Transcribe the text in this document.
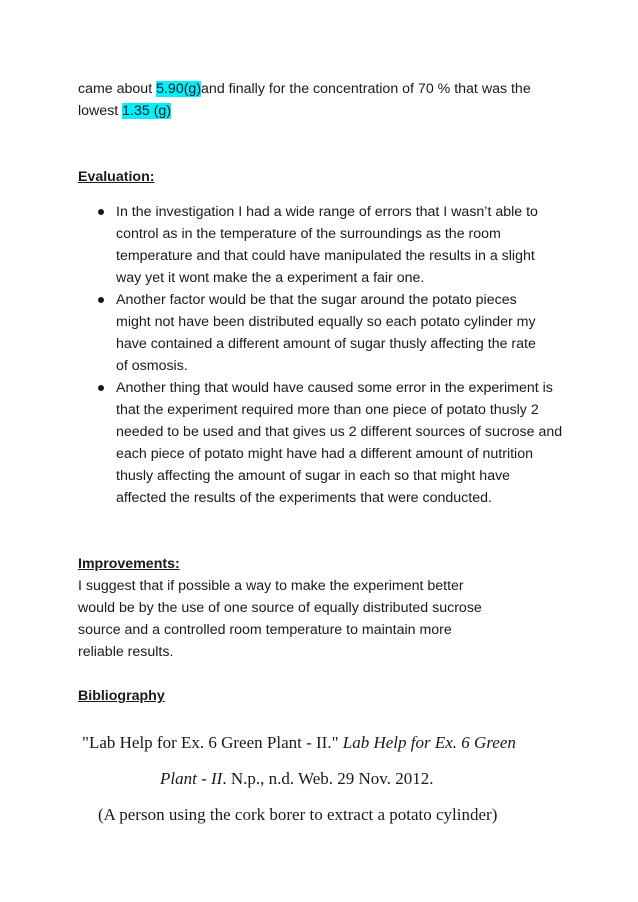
came about 5.90(g)and finally for the concentration of 70 % that was the
lowest 1.35 (g)
Evaluation:
In the investigation I had a wide range of errors that I wasn’t able to
control as in the temperature of the surroundings as the room
temperature and that could have manipulated the results in a slight
way yet it wont make the a experiment a fair one.
Another factor would be that the sugar around the potato pieces
might not have been distributed equally so each potato cylinder my
have contained a different amount of sugar thusly affecting the rate
of osmosis.
Another thing that would have caused some error in the experiment is
that the experiment required more than one piece of potato thusly 2
needed to be used and that gives us 2 different sources of sucrose and
each piece of potato might have had a different amount of nutrition
thusly affecting the amount of sugar in each so that might have
affected the results of the experiments that were conducted.
Improvements:
I suggest that if possible a way to make the experiment better
would be by the use of one source of equally distributed sucrose
source and a controlled room temperature to maintain more
reliable results.
Bibliography
"Lab Help for Ex. 6 Green Plant - II." Lab Help for Ex. 6 Green
Plant - II. N.p., n.d. Web. 29 Nov. 2012.
(A person using the cork borer to extract a potato cylinder)
